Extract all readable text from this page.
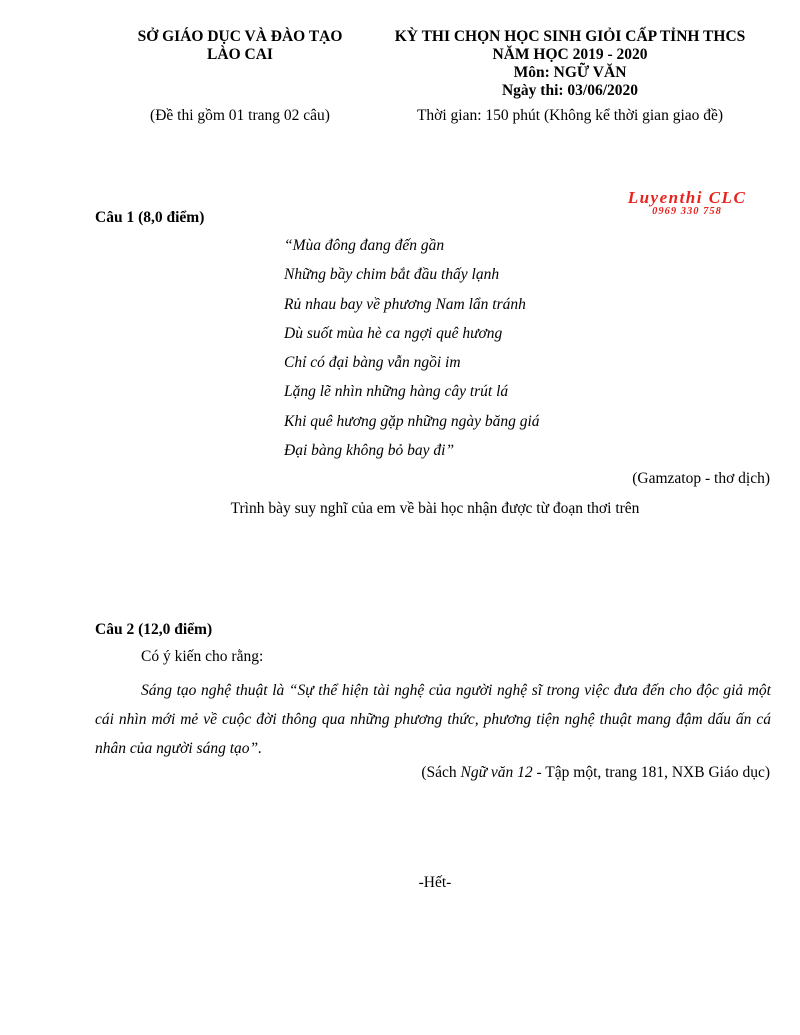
SỞ GIÁO DỤC VÀ ĐÀO TẠO
LÀO CAI
KỲ THI CHỌN HỌC SINH GIỎI CẤP TỈNH THCS
NĂM HỌC 2019 - 2020
Môn: NGỮ VĂN
Ngày thi: 03/06/2020
(Đề thi gồm 01 trang 02 câu)	Thời gian: 150 phút (Không kể thời gian giao đề)
Luyenthi CLC
0969 330 758
Câu 1 (8,0 điểm)
“Mùa đông đang đến gần
Những bầy chim bắt đầu thấy lạnh
Rủ nhau bay về phương Nam lẩn tránh
Dù suốt mùa hè ca ngợi quê hương
Chỉ có đại bàng vẫn ngồi im
Lặng lẽ nhìn những hàng cây trút lá
Khi quê hương gặp những ngày băng giá
Đại bàng không bỏ bay đi”
(Gamzatop - thơ dịch)
Trình bày suy nghĩ của em về bài học nhận được từ đoạn thơi trên
Câu 2 (12,0 điểm)
Có ý kiến cho rằng:
Sáng tạo nghệ thuật là “Sự thể hiện tài nghệ của người nghệ sĩ trong việc đưa đến cho độc giả một cái nhìn mới mẻ về cuộc đời thông qua những phương thức, phương tiện nghệ thuật mang đậm dấu ấn cá nhân của người sáng tạo”.
(Sách Ngữ văn 12 - Tập một, trang 181, NXB Giáo dục)
-Hết-
